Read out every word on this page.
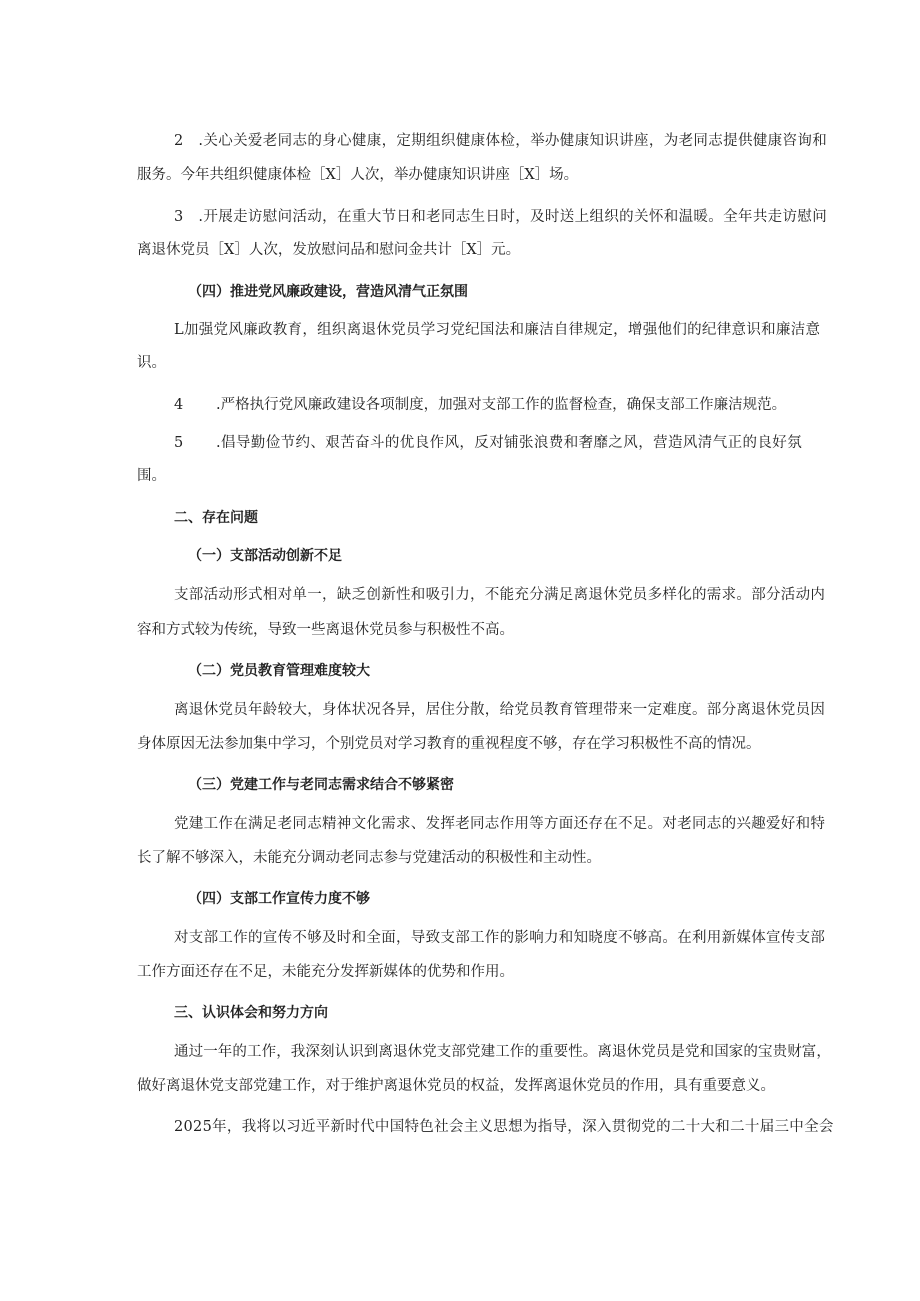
2　.关心关爱老同志的身心健康，定期组织健康体检，举办健康知识讲座，为老同志提供健康咨询和
服务。今年共组织健康体检［X］人次，举办健康知识讲座［X］场。
3　.开展走访慰问活动，在重大节日和老同志生日时，及时送上组织的关怀和温暖。全年共走访慰问
离退休党员［X］人次，发放慰问品和慰问金共计［X］元。
（四）推进党风廉政建设，营造风清气正氛围
L加强党风廉政教育，组织离退休党员学习党纪国法和廉洁自律规定，增强他们的纪律意识和廉洁意
识。
4 .严格执行党风廉政建设各项制度，加强对支部工作的监督检查，确保支部工作廉洁规范。
5 .倡导勤俭节约、艰苦奋斗的优良作风，反对铺张浪费和奢靡之风，营造风清气正的良好氛
围。
二、存在问题
（一）支部活动创新不足
支部活动形式相对单一，缺乏创新性和吸引力，不能充分满足离退休党员多样化的需求。部分活动内
容和方式较为传统，导致一些离退休党员参与积极性不高。
（二）党员教育管理难度较大
离退休党员年龄较大，身体状况各异，居住分散，给党员教育管理带来一定难度。部分离退休党员因
身体原因无法参加集中学习，个别党员对学习教育的重视程度不够，存在学习积极性不高的情况。
（三）党建工作与老同志需求结合不够紧密
党建工作在满足老同志精神文化需求、发挥老同志作用等方面还存在不足。对老同志的兴趣爱好和特
长了解不够深入，未能充分调动老同志参与党建活动的积极性和主动性。
（四）支部工作宣传力度不够
对支部工作的宣传不够及时和全面，导致支部工作的影响力和知晓度不够高。在利用新媒体宣传支部
工作方面还存在不足，未能充分发挥新媒体的优势和作用。
三、认识体会和努力方向
通过一年的工作，我深刻认识到离退休党支部党建工作的重要性。离退休党员是党和国家的宝贵财富，
做好离退休党支部党建工作，对于维护离退休党员的权益，发挥离退休党员的作用，具有重要意义。
2025年，我将以习近平新时代中国特色社会主义思想为指导，深入贯彻党的二十大和二十届三中全会
